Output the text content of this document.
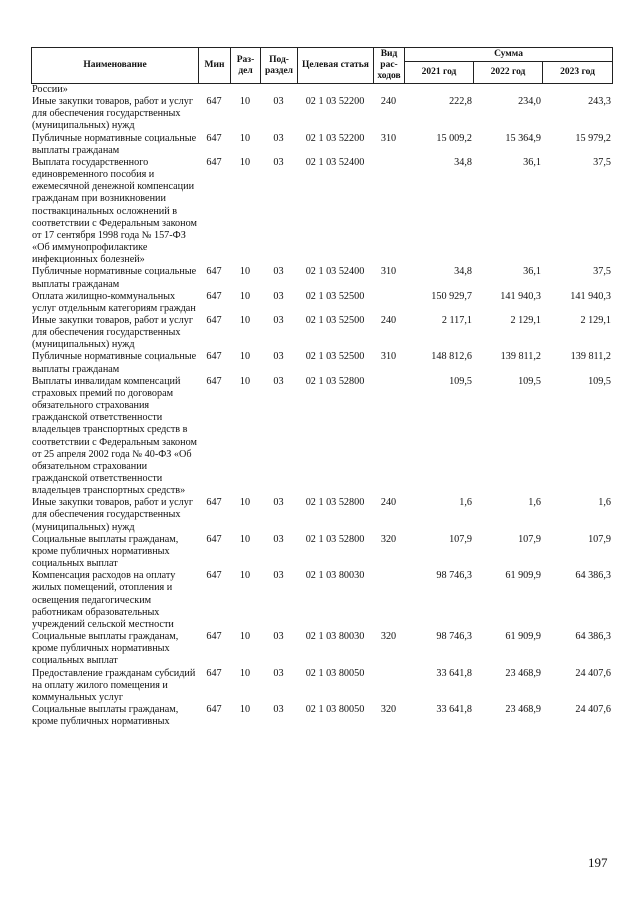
Наименование	Мин	Раз-дел	Под-раздел	Целевая статья	Вид рас-ходов	Сумма		
						2021 год	2022 год	2023 год
России»								
Иные закупки товаров, работ и услуг для обеспечения государственных (муниципальных) нужд	647	10	03	02 1 03 52200	240	222,8	234,0	243,3
Публичные нормативные социальные выплаты гражданам	647	10	03	02 1 03 52200	310	15 009,2	15 364,9	15 979,2
Выплата государственного единовременного пособия и ежемесячной денежной компенсации гражданам при возникновении поствакцинальных осложнений в соответствии с Федеральным законом от 17 сентября 1998 года № 157-ФЗ «Об иммунопрофилактике инфекционных болезней»	647	10	03	02 1 03 52400		34,8	36,1	37,5
Публичные нормативные социальные выплаты гражданам	647	10	03	02 1 03 52400	310	34,8	36,1	37,5
Оплата жилищно-коммунальных услуг отдельным категориям граждан	647	10	03	02 1 03 52500		150 929,7	141 940,3	141 940,3
Иные закупки товаров, работ и услуг для обеспечения государственных (муниципальных) нужд	647	10	03	02 1 03 52500	240	2 117,1	2 129,1	2 129,1
Публичные нормативные социальные выплаты гражданам	647	10	03	02 1 03 52500	310	148 812,6	139 811,2	139 811,2
Выплаты инвалидам компенсаций страховых премий по договорам обязательного страхования гражданской ответственности владельцев транспортных средств в соответствии с Федеральным законом от 25 апреля 2002 года № 40-ФЗ «Об обязательном страховании гражданской ответственности владельцев транспортных средств»	647	10	03	02 1 03 52800		109,5	109,5	109,5
Иные закупки товаров, работ и услуг для обеспечения государственных (муниципальных) нужд	647	10	03	02 1 03 52800	240	1,6	1,6	1,6
Социальные выплаты гражданам, кроме публичных нормативных социальных выплат	647	10	03	02 1 03 52800	320	107,9	107,9	107,9
Компенсация расходов на оплату жилых помещений, отопления и освещения педагогическим работникам образовательных учреждений сельской местности	647	10	03	02 1 03 80030		98 746,3	61 909,9	64 386,3
Социальные выплаты гражданам, кроме публичных нормативных социальных выплат	647	10	03	02 1 03 80030	320	98 746,3	61 909,9	64 386,3
Предоставление гражданам субсидий на оплату жилого помещения и коммунальных услуг	647	10	03	02 1 03 80050		33 641,8	23 468,9	24 407,6
Социальные выплаты гражданам, кроме публичных нормативных	647	10	03	02 1 03 80050	320	33 641,8	23 468,9	24 407,6
197
